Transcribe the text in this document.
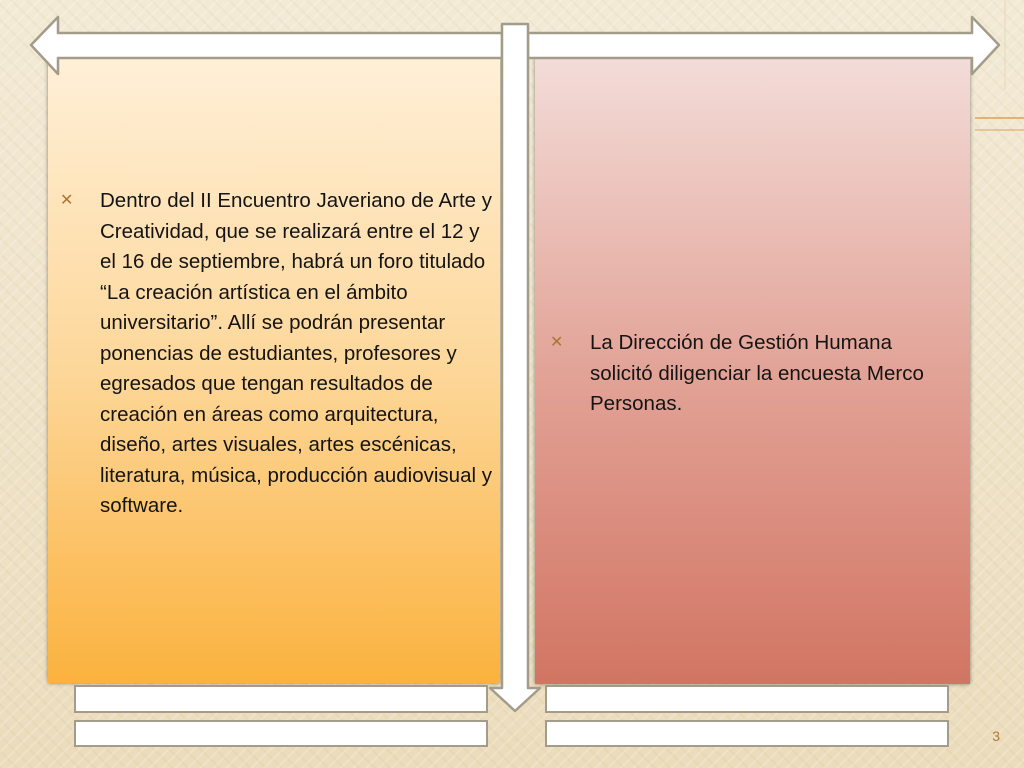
✕	Dentro del II Encuentro Javeriano de Arte y Creatividad, que se realizará entre el 12 y el 16 de septiembre, habrá un foro titulado “La creación artística en el ámbito universitario”. Allí se podrán presentar ponencias de estudiantes, profesores y egresados que tengan resultados de creación en áreas como arquitectura, diseño, artes visuales, artes escénicas, literatura, música, producción audiovisual y software.
✕	La Dirección de Gestión Humana solicitó diligenciar la encuesta Merco Personas.
3
